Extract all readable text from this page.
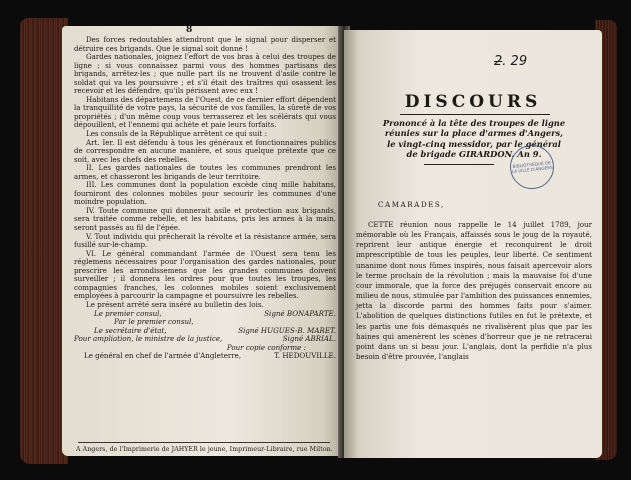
8

Des forces redoutables attendront que le signal pour disperser et détruire ces brigands. Que le signal soit donné !

Gardes nationales, joignez l'effort de vos bras à celui des troupes de ligne ; si vous connaissez parmi vous des hommes partisans des brigands, arrêtez-les ; que nulle part ils ne trouvent d'asile contre le soldat qui va les poursuivre ; et s'il était des traîtres qui osassent les recevoir et les défendre, qu'ils périssent avec eux !

Habitans des départemens de l'Ouest, de ce dernier effort dépendent la tranquillité de votre pays, la sécurité de vos familles, la sûreté de vos propriétés ; d'un même coup vous terrasserez et les scélérats qui vous dépouillent, et l'ennemi qui achète et paie leurs forfaits.

Les consuls de la République arrêtent ce qui suit :

Art. Ier. Il est défendu à tous les généraux et fonctionnaires publics de correspondre en aucune manière, et sous quelque prétexte que ce soit, avec les chefs des rebelles.

II. Les gardes nationales de toutes les communes prendront les armes, et chasseront les brigands de leur territoire.

III. Les communes dont la population excède cinq mille habitans, fourniront des colonnes mobiles pour secourir les communes d'une moindre population.

IV. Toute commune qui donnerait asile et protection aux brigands, sera traitée comme rebelle, et les habitans, pris les armes à la main, seront passés au fil de l'épée.

V. Tout individu qui prêcherait la révolte et la résistance armée, sera fusillé sur-le-champ.

VI. Le général commandant l'armée de l'Ouest sera tenu les réglemens nécessaires pour l'organisation des gardes nationales, pour prescrire les arrondissemens que les grandes communes doivent surveiller ; il donnera les ordres pour que toutes les troupes, les compagnies franches, les colonnes mobiles soient exclusivement employées à parcourir la campagne et poursuivre les rebelles.

Le présent arrêté sera inséré au bulletin des lois.

Le premier consul,	Signé BONAPARTE.
Par le premier consul,
Le secrétaire d'état,	Signé HUGUES-B. MARET.
Pour ampliation, le ministre de la justice,	Signé ABRIAL.
Pour copie conforme :
Le général en chef de l'armée d'Angleterre,	T. HEDOUVILLE.
A Angers, de l'Imprimerie de JAHYER le jeune, Imprimeur-Libraire, rue Milton.
2. 29
DISCOURS
Prononcé à la tête des troupes de ligne
réunies sur la place d'armes d'Angers,
le vingt-cinq messidor, par le général
de brigade GIRARDON. An 9.
BIBLIOTHÈQUE DE LA VILLE D'ANGERS
CAMARADES,

CETTE réunion nous rappelle le 14 juillet 1789, jour mémorable où les Français, affaissés sous le joug de la royauté, reprirent leur antique énergie et reconquirent le droit imprescriptible de tous les peuples, leur liberté. Ce sentiment unanime dont nous fûmes inspirés, nous faisait apercevoir alors le terme prochain de la révolution ; mais la mauvaise foi d'une cour immorale, que la force des préjugés conservait encore au milieu de nous, stimulée par l'ambition des puissances ennemies, jetta la discorde parmi des hommes faits pour s'aimer. L'abolition de quelques distinctions futiles en fut le prétexte, et les partis une fois démasqués ne rivalisèrent plus que par les haines qui amenèrent les scènes d'horreur que je ne retracerai point dans un si beau jour. L'anglais, dont la perfidie n'a plus besoin d'être prouvée, l'anglais
